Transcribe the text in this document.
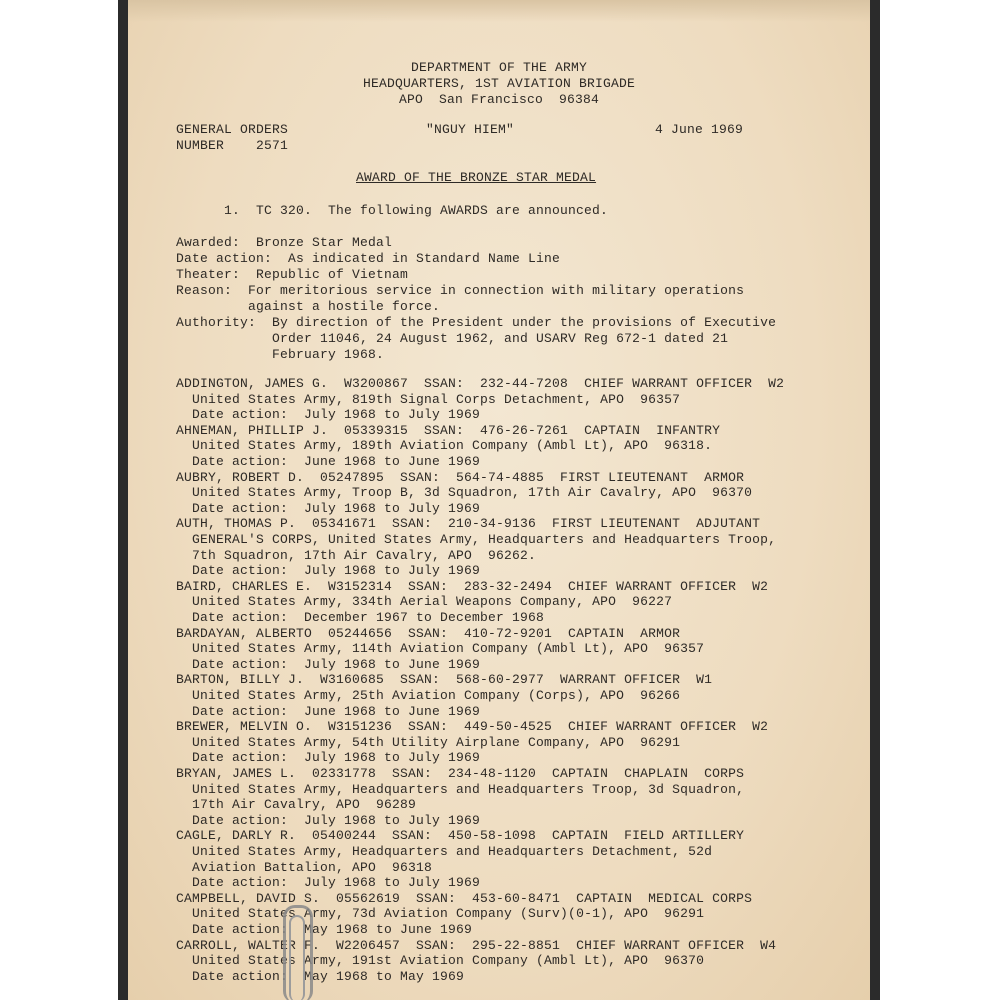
DEPARTMENT OF THE ARMY
HEADQUARTERS, 1ST AVIATION BRIGADE
APO  San Francisco  96384
GENERAL ORDERS
NUMBER    2571
"NGUY HIEM"	4 June 1969
AWARD OF THE BRONZE STAR MEDAL
1.  TC 320.  The following AWARDS are announced.
Awarded:  Bronze Star Medal
Date action:  As indicated in Standard Name Line
Theater:  Republic of Vietnam
Reason:  For meritorious service in connection with military operations
against a hostile force.
Authority:  By direction of the President under the provisions of Executive
Order 11046, 24 August 1962, and USARV Reg 672-1 dated 21
February 1968.
ADDINGTON, JAMES G.  W3200867  SSAN:  232-44-7208  CHIEF WARRANT OFFICER  W2
United States Army, 819th Signal Corps Detachment, APO  96357
Date action:  July 1968 to July 1969
AHNEMAN, PHILLIP J.  05339315  SSAN:  476-26-7261  CAPTAIN  INFANTRY
United States Army, 189th Aviation Company (Ambl Lt), APO  96318.
Date action:  June 1968 to June 1969
AUBRY, ROBERT D.  05247895  SSAN:  564-74-4885  FIRST LIEUTENANT  ARMOR
United States Army, Troop B, 3d Squadron, 17th Air Cavalry, APO  96370
Date action:  July 1968 to July 1969
AUTH, THOMAS P.  05341671  SSAN:  210-34-9136  FIRST LIEUTENANT  ADJUTANT
GENERAL'S CORPS, United States Army, Headquarters and Headquarters Troop,
7th Squadron, 17th Air Cavalry, APO  96262.
Date action:  July 1968 to July 1969
BAIRD, CHARLES E.  W3152314  SSAN:  283-32-2494  CHIEF WARRANT OFFICER  W2
United States Army, 334th Aerial Weapons Company, APO  96227
Date action:  December 1967 to December 1968
BARDAYAN, ALBERTO  05244656  SSAN:  410-72-9201  CAPTAIN  ARMOR
United States Army, 114th Aviation Company (Ambl Lt), APO  96357
Date action:  July 1968 to June 1969
BARTON, BILLY J.  W3160685  SSAN:  568-60-2977  WARRANT OFFICER  W1
United States Army, 25th Aviation Company (Corps), APO  96266
Date action:  June 1968 to June 1969
BREWER, MELVIN O.  W3151236  SSAN:  449-50-4525  CHIEF WARRANT OFFICER  W2
United States Army, 54th Utility Airplane Company, APO  96291
Date action:  July 1968 to July 1969
BRYAN, JAMES L.  02331778  SSAN:  234-48-1120  CAPTAIN  CHAPLAIN  CORPS
United States Army, Headquarters and Headquarters Troop, 3d Squadron,
17th Air Cavalry, APO  96289
Date action:  July 1968 to July 1969
CAGLE, DARLY R.  05400244  SSAN:  450-58-1098  CAPTAIN  FIELD ARTILLERY
United States Army, Headquarters and Headquarters Detachment, 52d
Aviation Battalion, APO  96318
Date action:  July 1968 to July 1969
CAMPBELL, DAVID S.  05562619  SSAN:  453-60-8471  CAPTAIN  MEDICAL CORPS
United States Army, 73d Aviation Company (Surv)(0-1), APO  96291
Date action:  May 1968 to June 1969
CARROLL, WALTER F.  W2206457  SSAN:  295-22-8851  CHIEF WARRANT OFFICER  W4
United States Army, 191st Aviation Company (Ambl Lt), APO  96370
Date action:  May 1968 to May 1969
